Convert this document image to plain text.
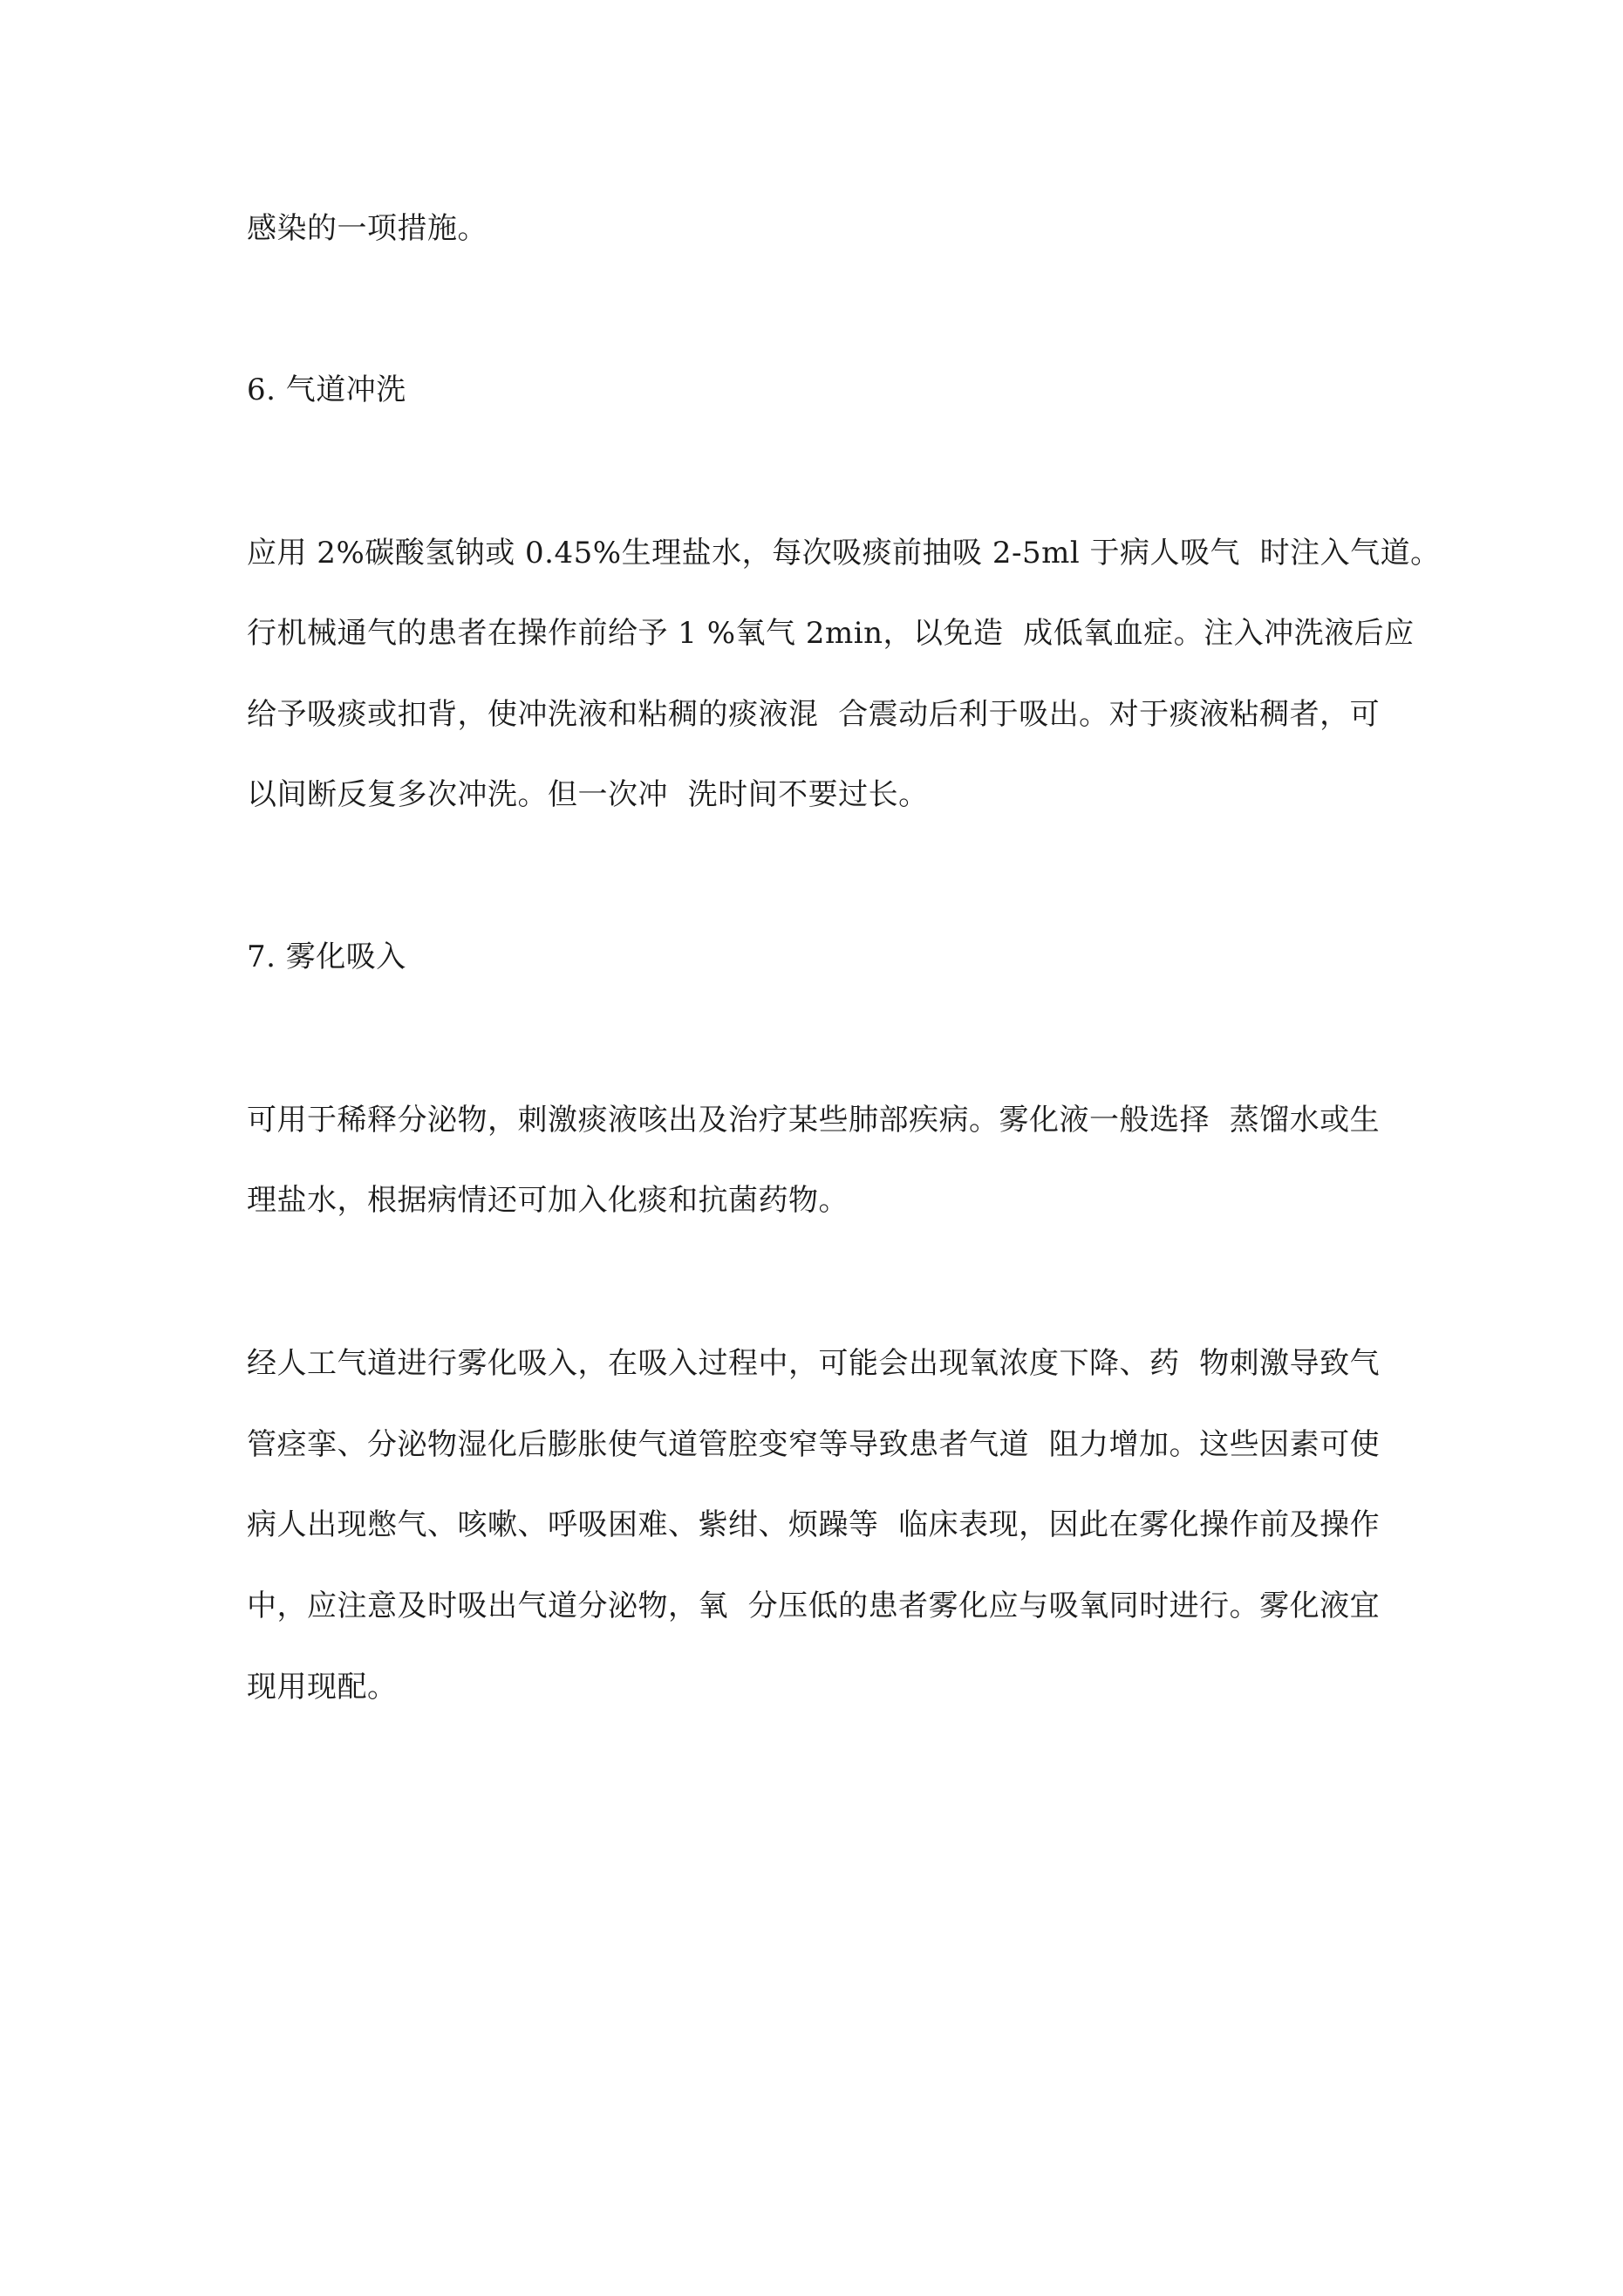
感染的一项措施。
6. 气道冲洗
应用 2%碳酸氢钠或 0.45%生理盐水，每次吸痰前抽吸 2-5ml 于病人吸气  时注入气道。
行机械通气的患者在操作前给予 1 %氧气 2min，以免造  成低氧血症。注入冲洗液后应
给予吸痰或扣背，使冲洗液和粘稠的痰液混  合震动后利于吸出。对于痰液粘稠者，可
以间断反复多次冲洗。但一次冲  洗时间不要过长。
7. 雾化吸入
可用于稀释分泌物，刺激痰液咳出及治疗某些肺部疾病。雾化液一般选择  蒸馏水或生
理盐水，根据病情还可加入化痰和抗菌药物。
经人工气道进行雾化吸入，在吸入过程中，可能会出现氧浓度下降、药  物刺激导致气
管痉挛、分泌物湿化后膨胀使气道管腔变窄等导致患者气道  阻力增加。这些因素可使
病人出现憋气、咳嗽、呼吸困难、紫绀、烦躁等  临床表现，因此在雾化操作前及操作
中，应注意及时吸出气道分泌物，氧  分压低的患者雾化应与吸氧同时进行。雾化液宜
现用现配。
